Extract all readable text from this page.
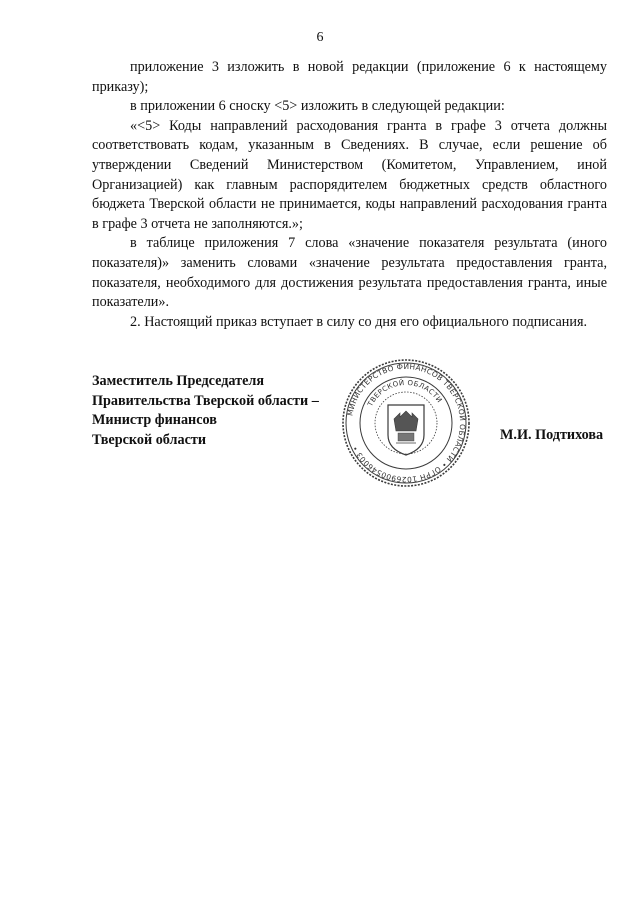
6

приложение 3 изложить в новой редакции (приложение 6 к настоящему приказу);

в приложении 6 сноску <5> изложить в следующей редакции:

«<5> Коды направлений расходования гранта в графе 3 отчета должны соответствовать кодам, указанным в Сведениях. В случае, если решение об утверждении Сведений Министерством (Комитетом, Управлением, иной Организацией) как главным распорядителем бюджетных средств областного бюджета Тверской области не принимается, коды направлений расходования гранта в графе 3 отчета не заполняются.»;

в таблице приложения 7 слова «значение показателя результата (иного показателя)» заменить словами «значение результата предоставления гранта, показателя, необходимого для достижения результата предоставления гранта, иные показатели».

2. Настоящий приказ вступает в силу со дня его официального подписания.

Заместитель Председателя
Правительства Тверской области –
Министр финансов
Тверской области	М.И. Подтихова
МИНИСТЕРСТВО ФИНАНСОВ ТВЕРСКОЙ ОБЛАСТИ • ОГРН 1026900546003 •
ТВЕРСКОЙ ОБЛАСТИ
